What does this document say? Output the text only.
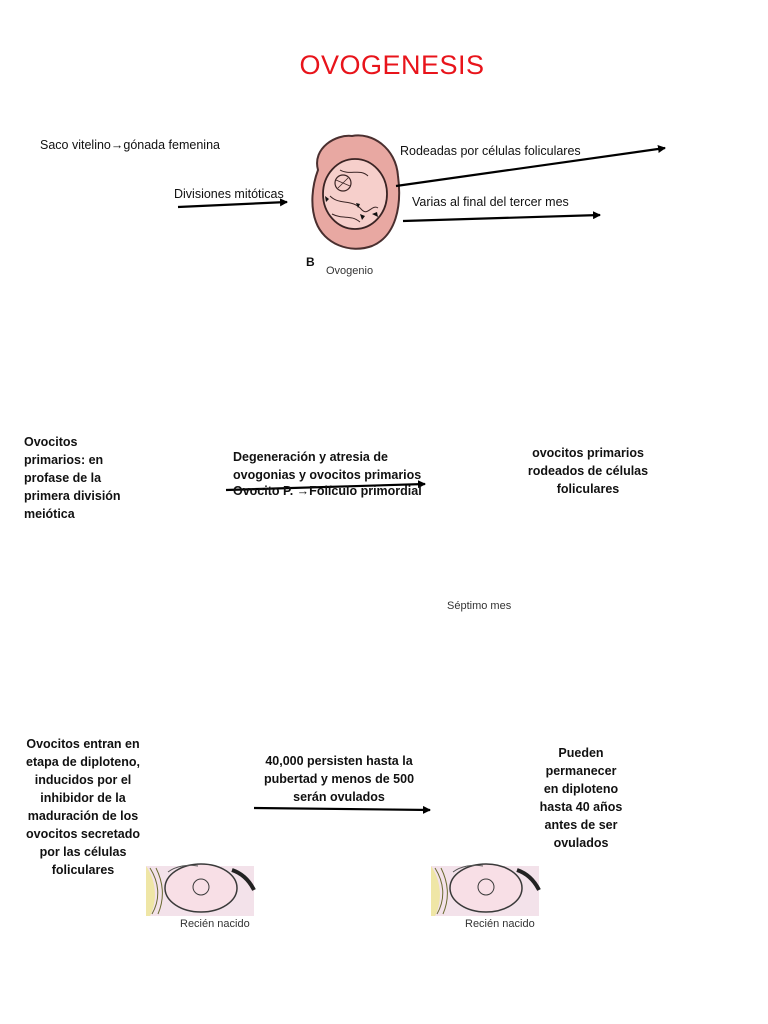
OVOGENESIS
Saco vitelino→gónada femenina
Divisiones mitóticas
Rodeadas por células foliculares
Varias al final del tercer mes
B
Ovogenio
Ovocitos
primarios: en
profase de la
primera división
meiótica
Degeneración y atresia de
ovogonias y ovocitos primarios
Ovocito P. →Folículo primordial
ovocitos primarios
rodeados de células
foliculares
Séptimo mes
Ovocitos entran en
etapa de diploteno,
inducidos por el
inhibidor de la
maduración de los
ovocitos secretado
por las células
foliculares
40,000 persisten hasta la
pubertad y menos de 500
serán ovulados
Pueden
permanecer
en diploteno
hasta 40 años
antes de ser
ovulados
Recién nacido	Recién nacido
